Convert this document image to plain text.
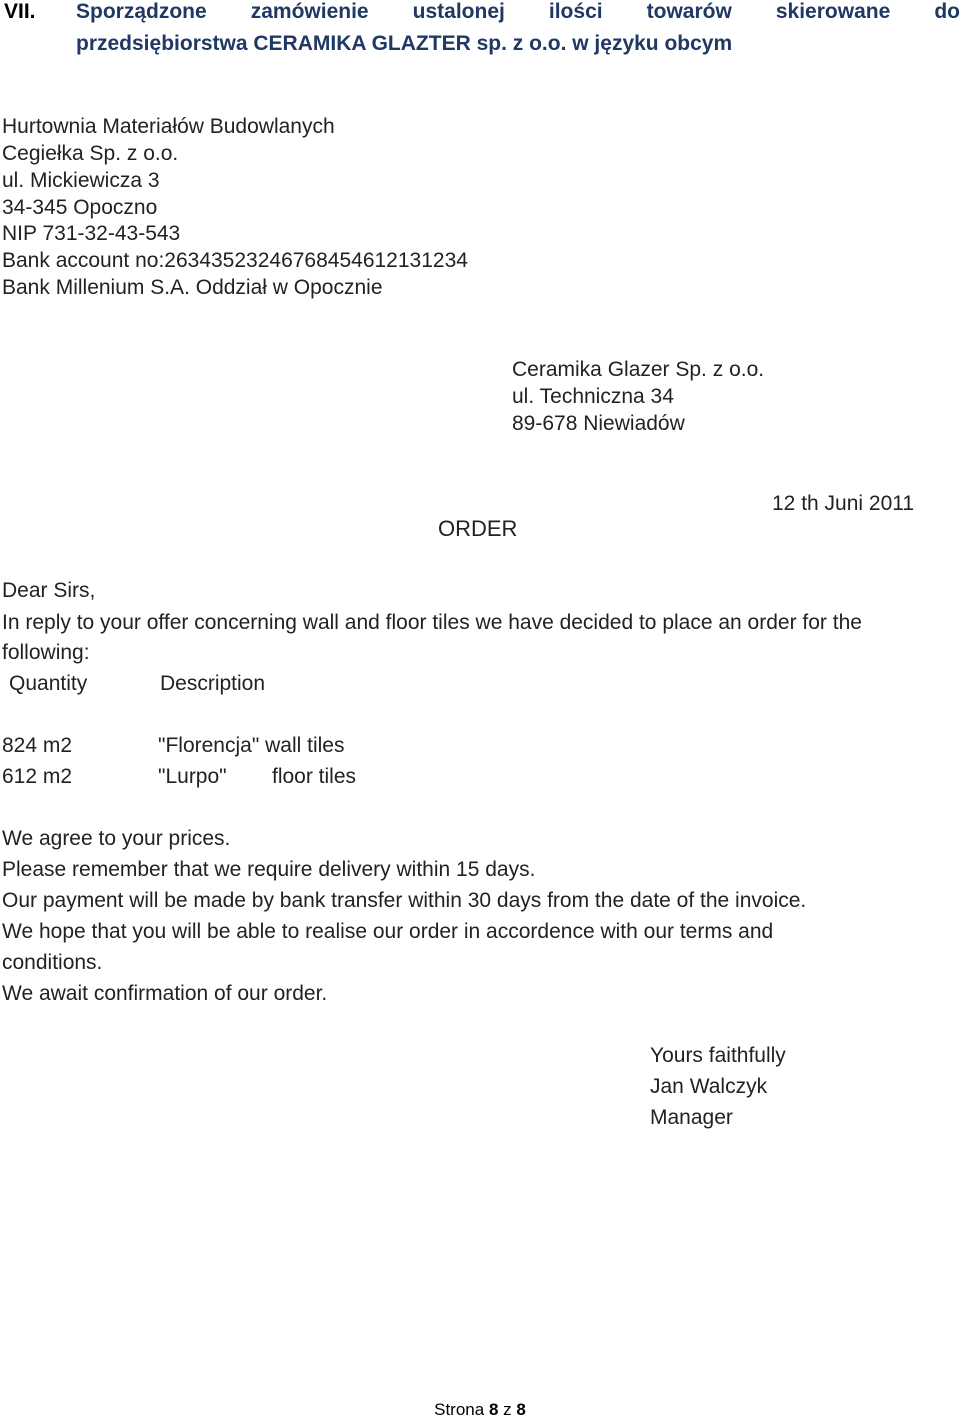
VII.	Sporządzone zamówienie ustalonej ilości towarów skierowane do
przedsiębiorstwa CERAMIKA GLAZTER sp. z o.o. w języku obcym
Hurtownia Materiałów Budowlanych
Cegiełka Sp. z o.o.
ul. Mickiewicza 3
34-345 Opoczno
NIP 731-32-43-543
Bank account no:26343523246768454612131234
Bank Millenium S.A. Oddział w Opocznie
Ceramika Glazer Sp. z o.o.
ul. Techniczna 34
89-678 Niewiadów
12 th Juni 2011
ORDER
Dear Sirs,
In reply to your offer concerning wall and floor tiles we have decided to place an order for the
following:
Quantity	Description
824 m2	"Florencja" wall tiles
612 m2	"Lurpo" floor tiles
We agree to your prices.
Please remember that we require delivery within 15 days.
Our payment will be made by bank transfer within 30 days from the date of the invoice.
We hope that you will be able to realise our order in accordence with our terms and
conditions.
We await confirmation of our order.
Yours faithfully
Jan Walczyk
Manager
Strona 8 z 8
